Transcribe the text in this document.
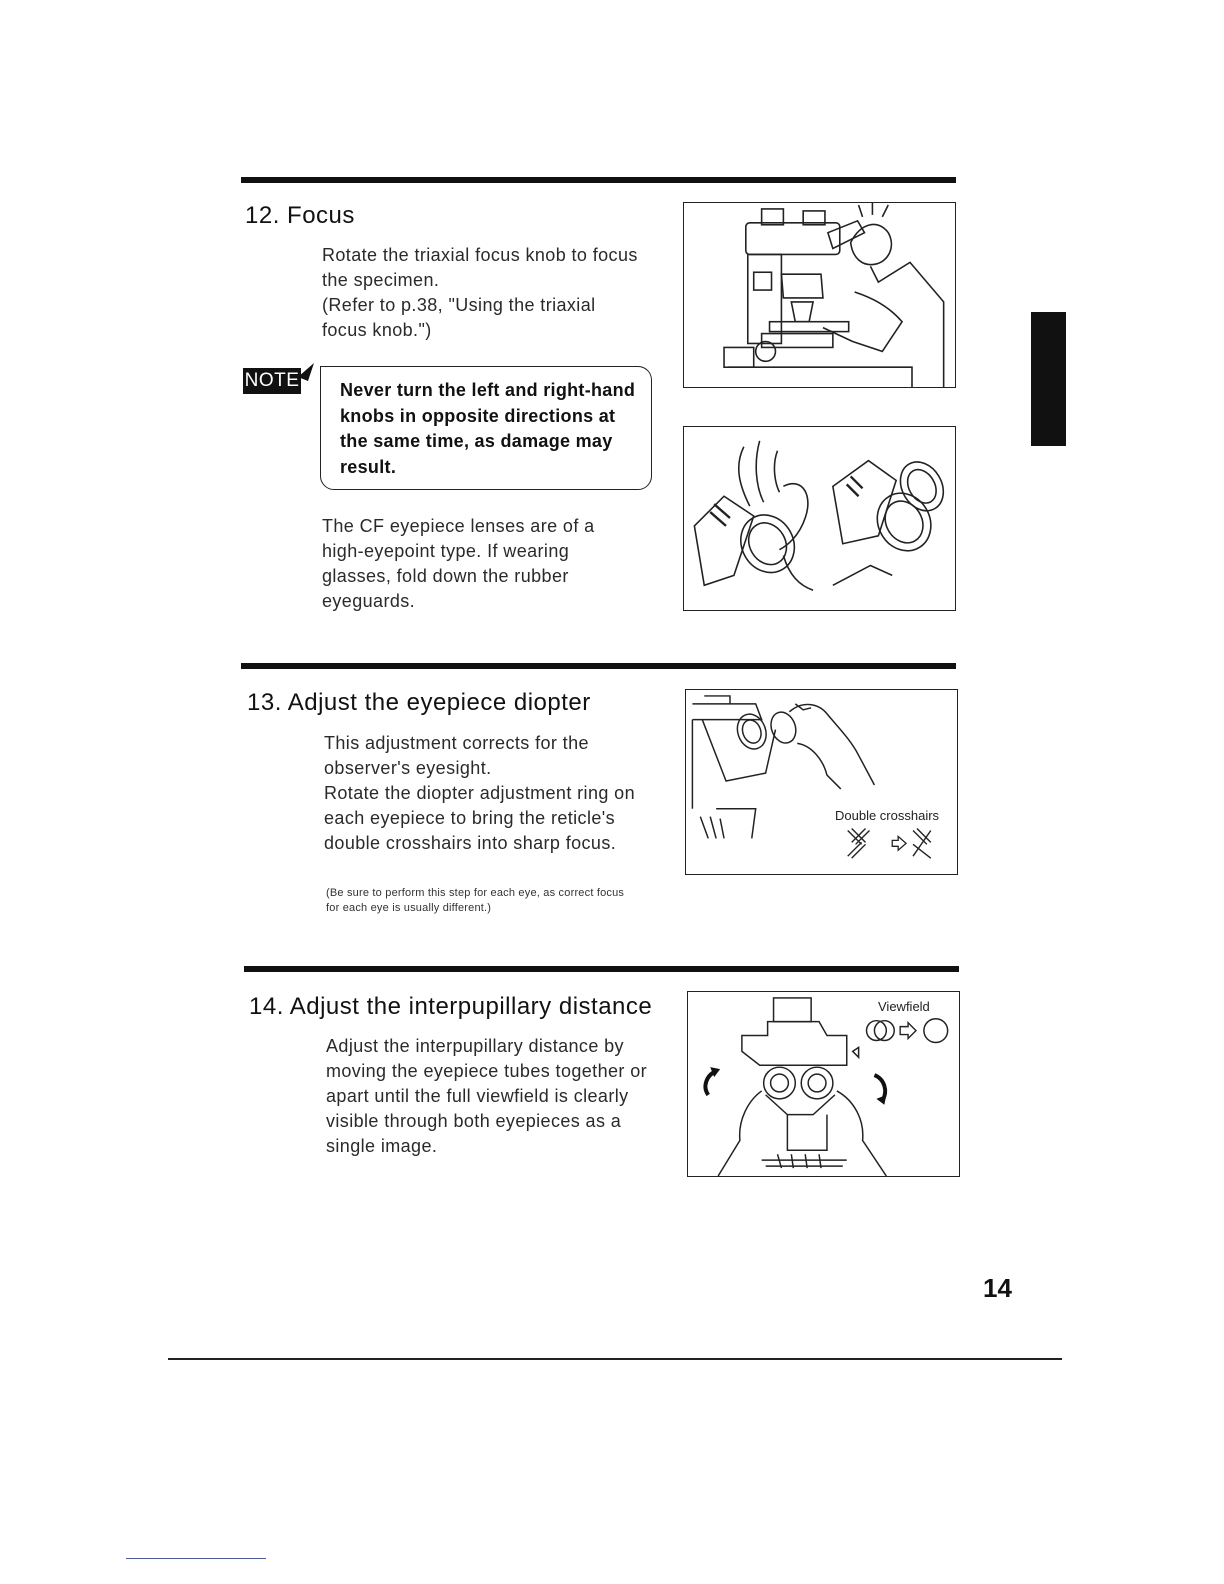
12. Focus

Rotate the triaxial focus knob to focus the specimen.
(Refer to p.38, "Using the triaxial focus knob.")

NOTE Never turn the left and right-hand knobs in opposite directions at the same time, as damage may result.

The CF eyepiece lenses are of a high-eyepoint type. If wearing glasses, fold down the rubber eyeguards.

13. Adjust the eyepiece diopter

This adjustment corrects for the observer's eyesight.
Rotate the diopter adjustment ring on each eyepiece to bring the reticle's double crosshairs into sharp focus.

(Be sure to perform this step for each eye, as correct focus for each eye is usually different.)

Double crosshairs
14. Adjust the interpupillary distance

Adjust the interpupillary distance by moving the eyepiece tubes together or apart until the full viewfield is clearly visible through both eyepieces as a single image.

Viewfield

14
